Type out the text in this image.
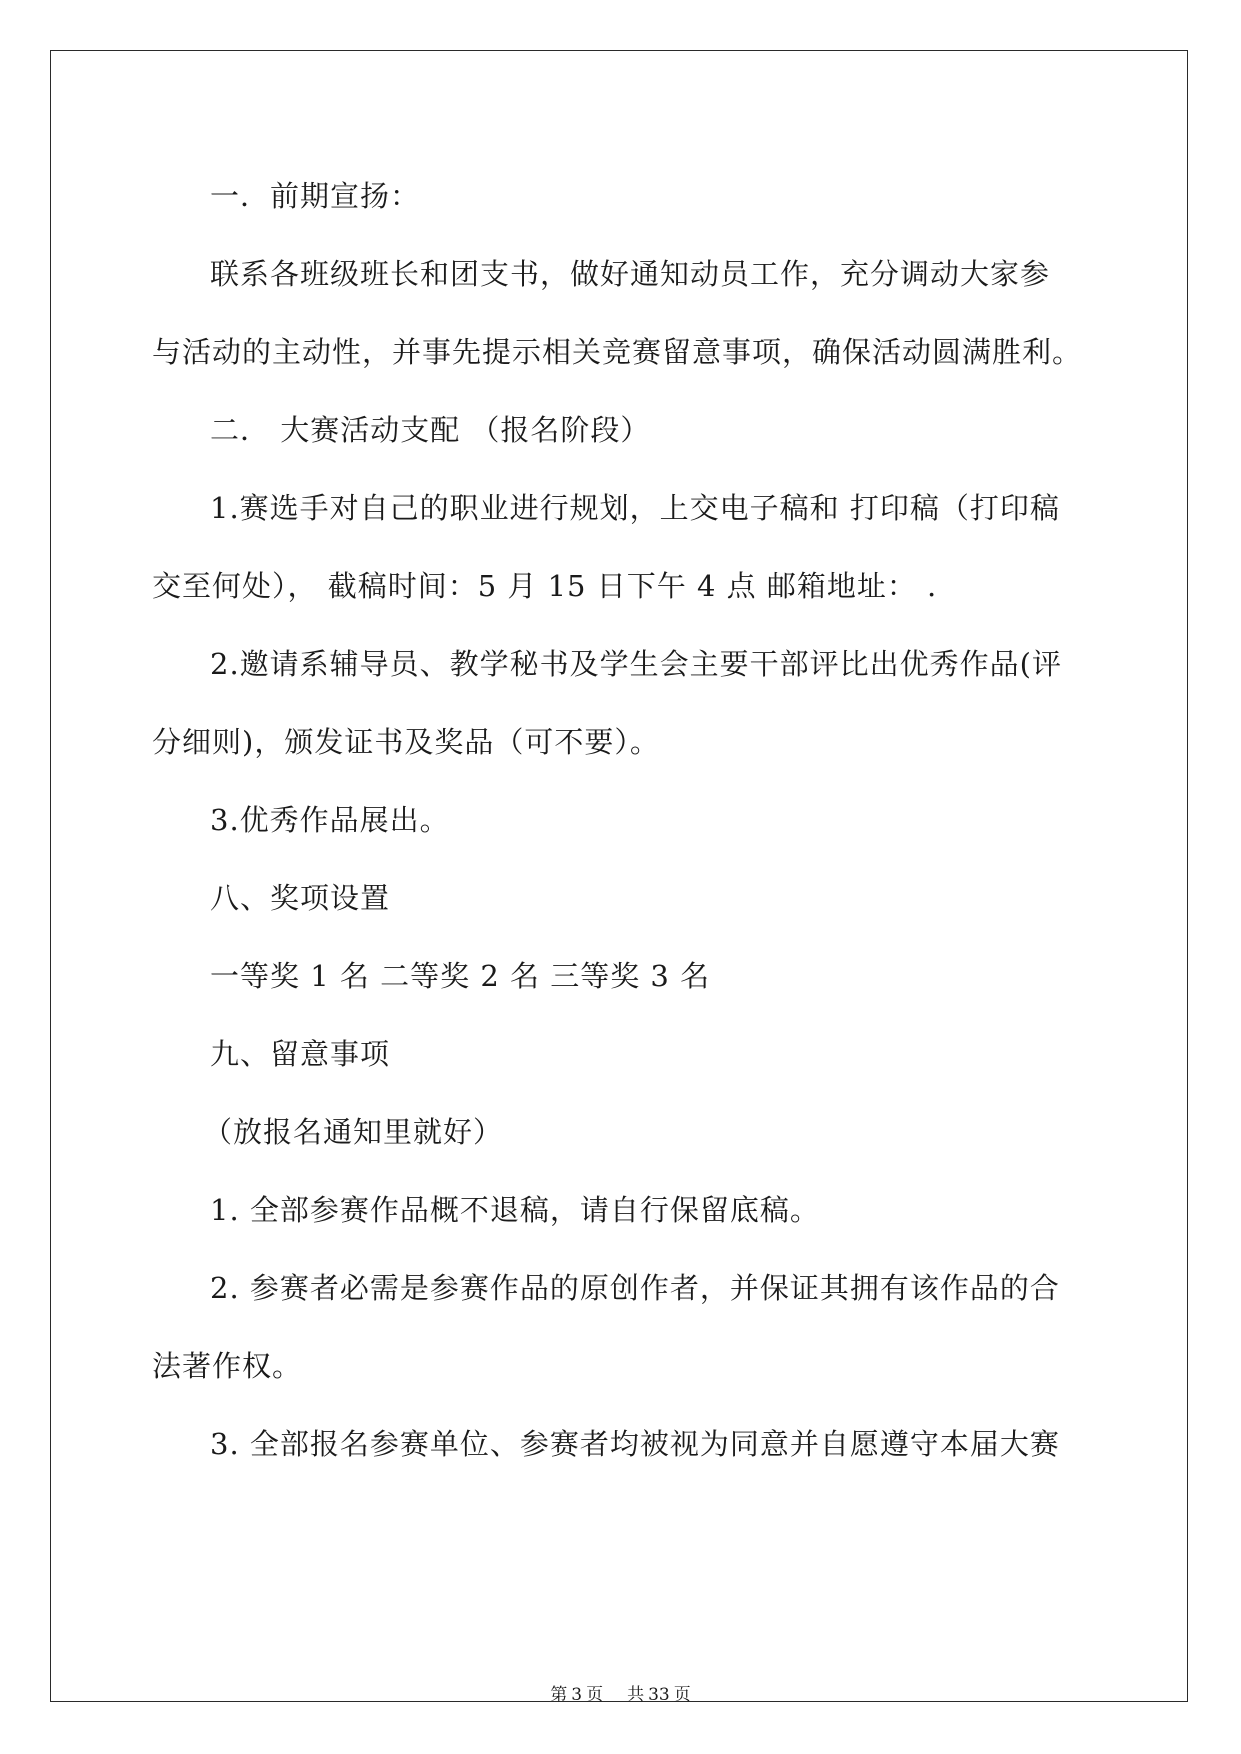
一．前期宣扬：
联系各班级班长和团支书，做好通知动员工作，充分调动大家参
与活动的主动性，并事先提示相关竞赛留意事项，确保活动圆满胜利。
二． 大赛活动支配 （报名阶段）
1.赛选手对自己的职业进行规划，上交电子稿和 打印稿（打印稿
交至何处）， 截稿时间：5 月 15 日下午 4 点 邮箱地址： .
2.邀请系辅导员、教学秘书及学生会主要干部评比出优秀作品(评
分细则)，颁发证书及奖品（可不要）。
3.优秀作品展出。
八、奖项设置
一等奖 1 名 二等奖 2 名 三等奖 3 名
九、留意事项
（放报名通知里就好）
1. 全部参赛作品概不退稿，请自行保留底稿。
2. 参赛者必需是参赛作品的原创作者，并保证其拥有该作品的合
法著作权。
3. 全部报名参赛单位、参赛者均被视为同意并自愿遵守本届大赛
第 3 页 共 33 页
